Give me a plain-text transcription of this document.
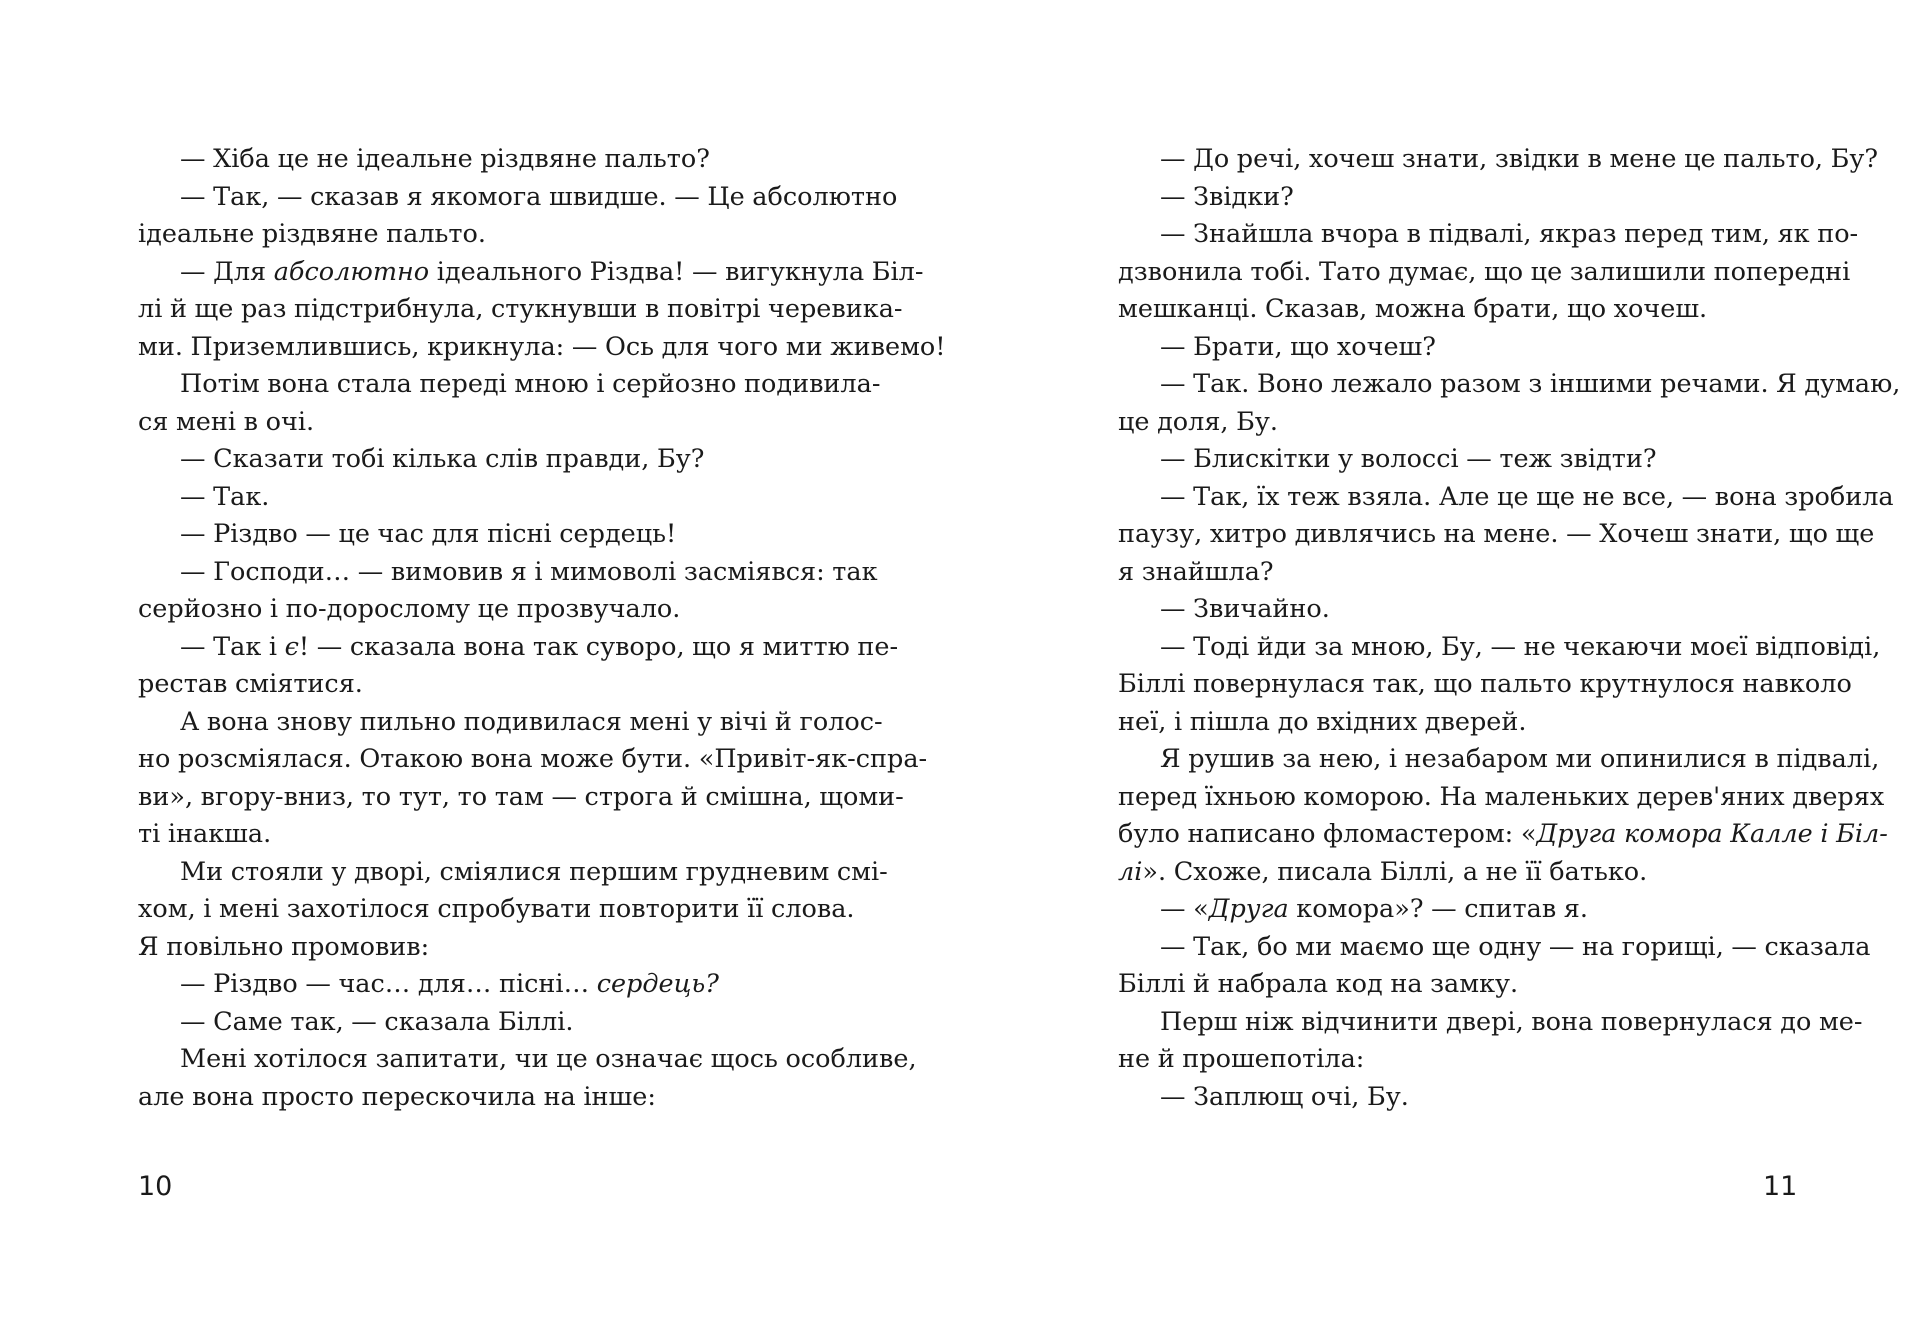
— Хіба це не ідеальне різдвяне пальто?
— Так, — сказав я якомога швидше. — Це абсолютно
ідеальне різдвяне пальто.
— Для абсолютно ідеального Різдва! — вигукнула Біл-
лі й ще раз підстрибнула, стукнувши в повітрі черевика-
ми. Приземлившись, крикнула: — Ось для чого ми живемо!
Потім вона стала переді мною і серйозно подивила-
ся мені в очі.
— Сказати тобі кілька слів правди, Бу?
— Так.
— Різдво — це час для пісні сердець!
— Господи… — вимовив я і мимоволі засміявся: так
серйозно і по-дорослому це прозвучало.
— Так і є! — сказала вона так суворо, що я миттю пе-
рестав сміятися.
А вона знову пильно подивилася мені у вічі й голос-
но розсміялася. Отакою вона може бути. «Привіт-як-спра-
ви», вгору-вниз, то тут, то там — строга й смішна, щоми-
ті інакша.
Ми стояли у дворі, сміялися першим грудневим смі-
хом, і мені захотілося спробувати повторити її слова.
Я повільно промовив:
— Різдво — час… для… пісні… сердець?
— Саме так, — сказала Біллі.
Мені хотілося запитати, чи це означає щось особливе,
але вона просто перескочила на інше:
10
— До речі, хочеш знати, звідки в мене це пальто, Бу?
— Звідки?
— Знайшла вчора в підвалі, якраз перед тим, як по-
дзвонила тобі. Тато думає, що це залишили попередні
мешканці. Сказав, можна брати, що хочеш.
— Брати, що хочеш?
— Так. Воно лежало разом з іншими речами. Я думаю,
це доля, Бу.
— Блискітки у волоссі — теж звідти?
— Так, їх теж взяла. Але це ще не все, — вона зробила
паузу, хитро дивлячись на мене. — Хочеш знати, що ще
я знайшла?
— Звичайно.
— Тоді йди за мною, Бу, — не чекаючи моєї відповіді,
Біллі повернулася так, що пальто крутнулося навколо
неї, і пішла до вхідних дверей.
Я рушив за нею, і незабаром ми опинилися в підвалі,
перед їхньою коморою. На маленьких дерев'яних дверях
було написано фломастером: «Друга комора Калле і Біл-
лі». Схоже, писала Біллі, а не її батько.
— «Друга комора»? — спитав я.
— Так, бо ми маємо ще одну — на горищі, — сказала
Біллі й набрала код на замку.
Перш ніж відчинити двері, вона повернулася до ме-
не й прошепотіла:
— Заплющ очі, Бу.
11
